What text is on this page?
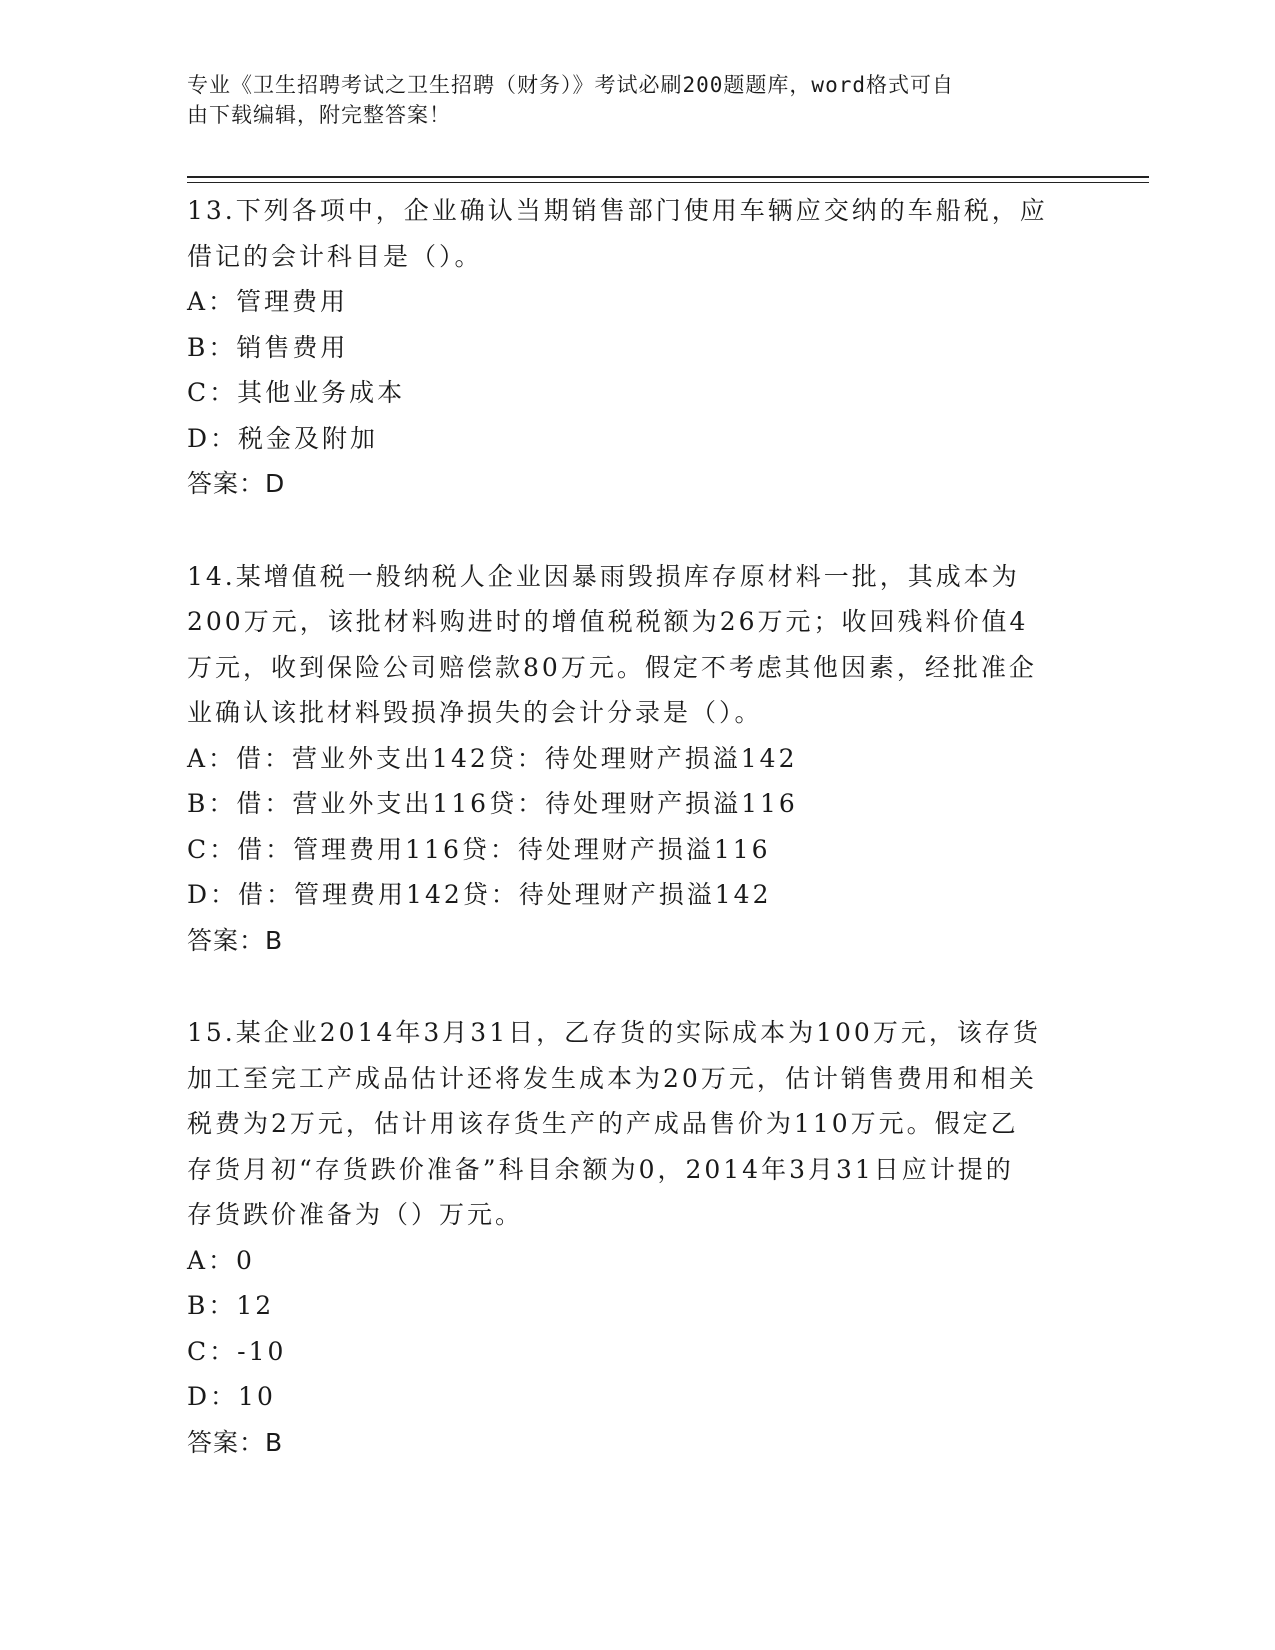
专业《卫生招聘考试之卫生招聘（财务）》考试必刷200题题库，word格式可自
由下载编辑，附完整答案！
13.下列各项中，企业确认当期销售部门使用车辆应交纳的车船税，应
借记的会计科目是（）。
A：管理费用
B：销售费用
C：其他业务成本
D：税金及附加
答案：D
14.某增值税一般纳税人企业因暴雨毁损库存原材料一批，其成本为
200万元，该批材料购进时的增值税税额为26万元；收回残料价值4
万元，收到保险公司赔偿款80万元。假定不考虑其他因素，经批准企
业确认该批材料毁损净损失的会计分录是（）。
A：借：营业外支出142贷：待处理财产损溢142
B：借：营业外支出116贷：待处理财产损溢116
C：借：管理费用116贷：待处理财产损溢116
D：借：管理费用142贷：待处理财产损溢142
答案：B
15.某企业2014年3月31日，乙存货的实际成本为100万元，该存货
加工至完工产成品估计还将发生成本为20万元，估计销售费用和相关
税费为2万元，估计用该存货生产的产成品售价为110万元。假定乙
存货月初“存货跌价准备”科目余额为0，2014年3月31日应计提的
存货跌价准备为（）万元。
A：0
B：12
C：-10
D：10
答案：B
